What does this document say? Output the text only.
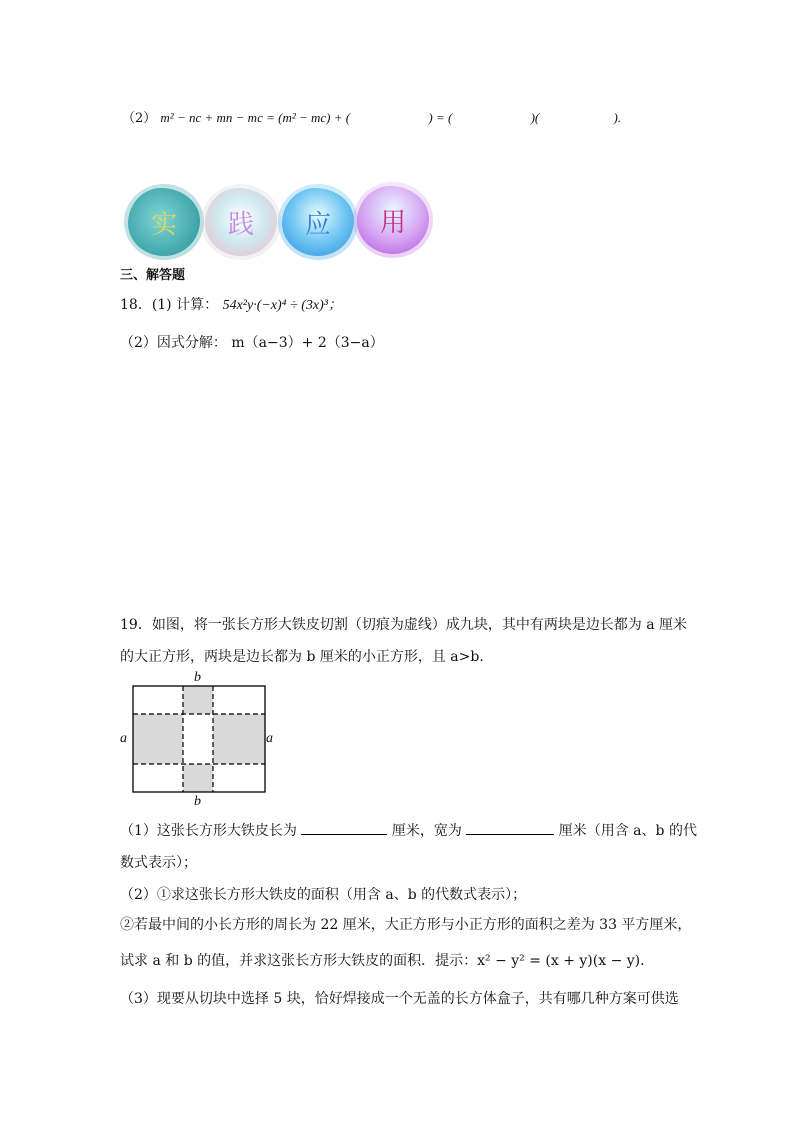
（2） m² − nc + mn − mc = (m² − mc) + (	) = (	)(	).
实 践 应 用
三、解答题
18．(1) 计算： 54x²y·(−x)⁴ ÷ (3x)³；
（2）因式分解： m（a−3）+ 2（3−a）
19．如图，将一张长方形大铁皮切割（切痕为虚线）成九块，其中有两块是边长都为 a 厘米
的大正方形，两块是边长都为 b 厘米的小正方形，且 a>b．
b
b
a	a
（1）这张长方形大铁皮长为	厘米，宽为	厘米（用含 a、b 的代
数式表示）；
（2）①求这张长方形大铁皮的面积（用含 a、b 的代数式表示）；
②若最中间的小长方形的周长为 22 厘米，大正方形与小正方形的面积之差为 33 平方厘米，
试求 a 和 b 的值，并求这张长方形大铁皮的面积．提示：x² − y² = (x + y)(x − y)．
（3）现要从切块中选择 5 块，恰好焊接成一个无盖的长方体盒子，共有哪几种方案可供选
